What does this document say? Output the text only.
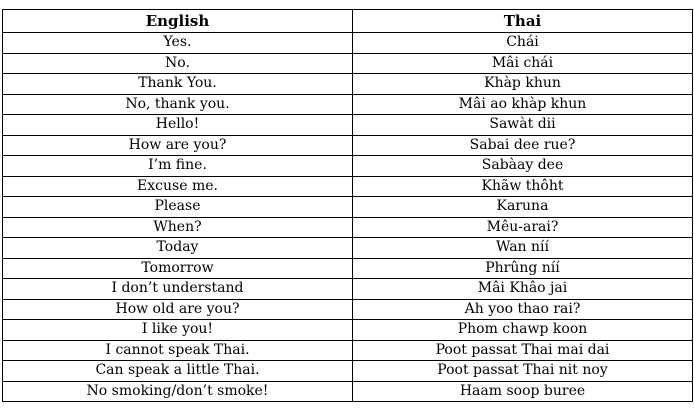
English	Thai
Yes.	Chái
No.	Mâi chái
Thank You.	Khàp khun
No, thank you.	Mâi ao khàp khun
Hello!	Sawàt dii
How are you?	Sabai dee rue?
I’m fine.	Sabàay dee
Excuse me.	Khãw thôht
Please	Karuna
When?	Mêu-arai?
Today	Wan níí
Tomorrow	Phrûng níí
I don’t understand	Mâi Khâo jai
How old are you?	Ah yoo thao rai?
I like you!	Phom chawp koon
I cannot speak Thai.	Poot passat Thai mai dai
Can speak a little Thai.	Poot passat Thai nit noy
No smoking/don’t smoke!	Haam soop buree
